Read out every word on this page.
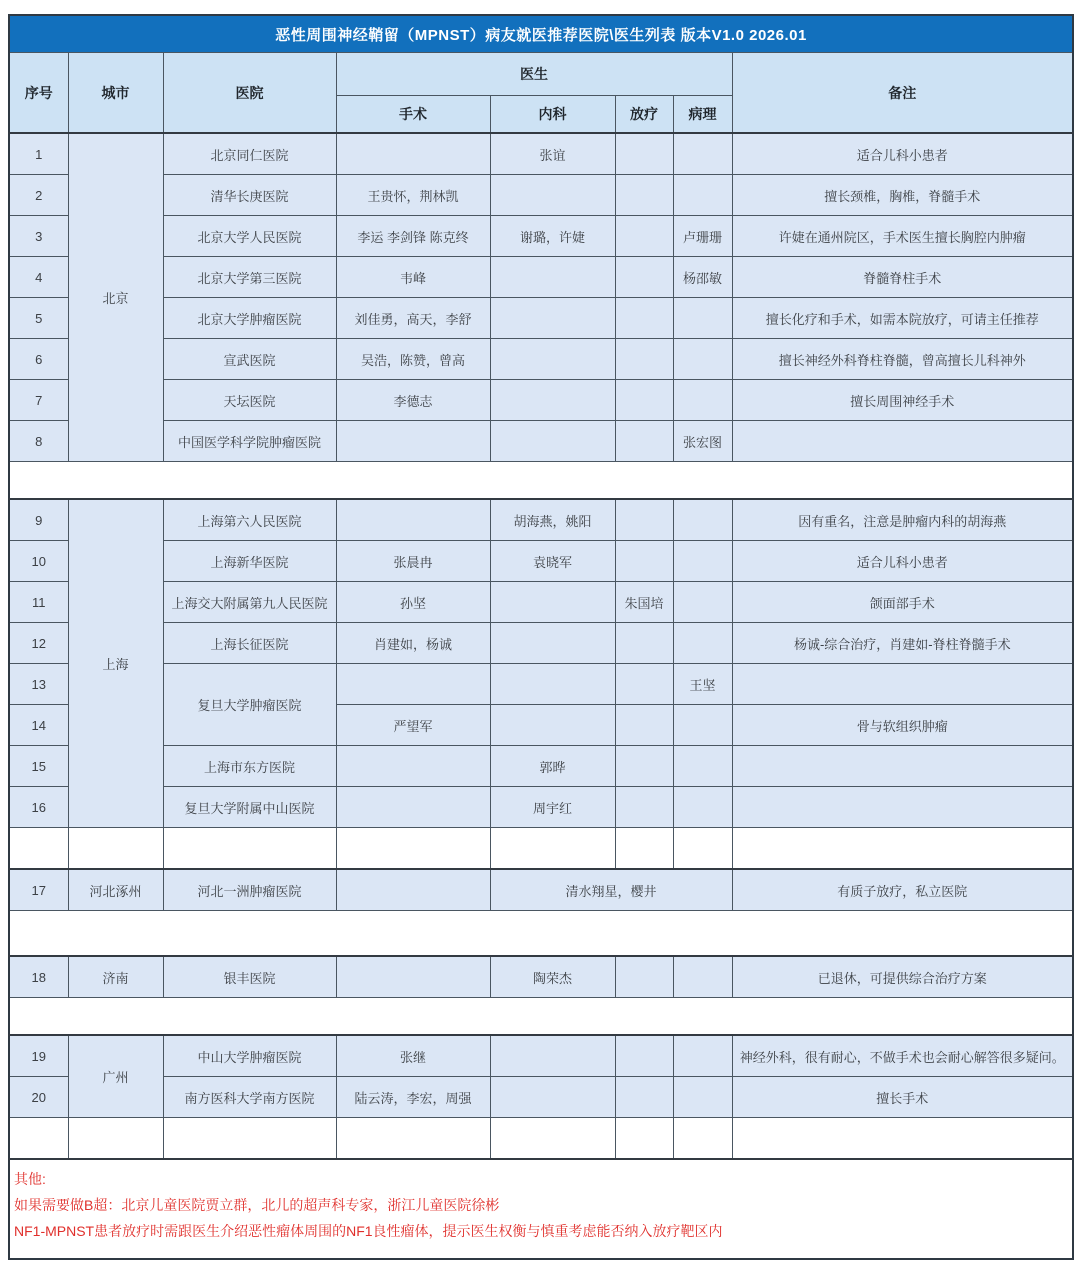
恶性周围神经鞘留（MPNST）病友就医推荐医院\医生列表 版本V1.0 2026.01							
序号	城市	医院	医生				备注
			手术	内科	放疗	病理	
1	北京	北京同仁医院		张谊			适合儿科小患者
2		清华长庚医院	王贵怀，荆林凯				擅长颈椎，胸椎，脊髓手术
3		北京大学人民医院	李运 李剑锋 陈克终	谢璐，许婕		卢珊珊	许婕在通州院区，手术医生擅长胸腔内肿瘤
4		北京大学第三医院	韦峰			杨邵敏	脊髓脊柱手术
5		北京大学肿瘤医院	刘佳勇，高天，李舒				擅长化疗和手术，如需本院放疗，可请主任推荐
6		宣武医院	吴浩，陈赞，曾高				擅长神经外科脊柱脊髓，曾高擅长儿科神外
7		天坛医院	李德志				擅长周围神经手术
8		中国医学科学院肿瘤医院				张宏图	

9	上海	上海第六人民医院		胡海燕，姚阳			因有重名，注意是肿瘤内科的胡海燕
10		上海新华医院	张晨冉	袁晓军			适合儿科小患者
11		上海交大附属第九人民医院	孙坚		朱国培		颌面部手术
12		上海长征医院	肖建如，杨诚				杨诚-综合治疗，肖建如-脊柱脊髓手术
13		复旦大学肿瘤医院				王坚	
14			严望军				骨与软组织肿瘤
15		上海市东方医院		郭晔			
16		复旦大学附属中山医院		周宇红			

17	河北涿州	河北一洲肿瘤医院		清水翔星，樱井			有质子放疗，私立医院

18	济南	银丰医院		陶荣杰			已退休，可提供综合治疗方案

19	广州	中山大学肿瘤医院	张继				神经外科，很有耐心，不做手术也会耐心解答很多疑问。
20		南方医科大学南方医院	陆云涛，李宏，周强				擅长手术

其他:
如果需要做B超：北京儿童医院贾立群，北儿的超声科专家，浙江儿童医院徐彬
NF1-MPNST患者放疗时需跟医生介绍恶性瘤体周围的NF1良性瘤体，提示医生权衡与慎重考虑能否纳入放疗靶区内							
